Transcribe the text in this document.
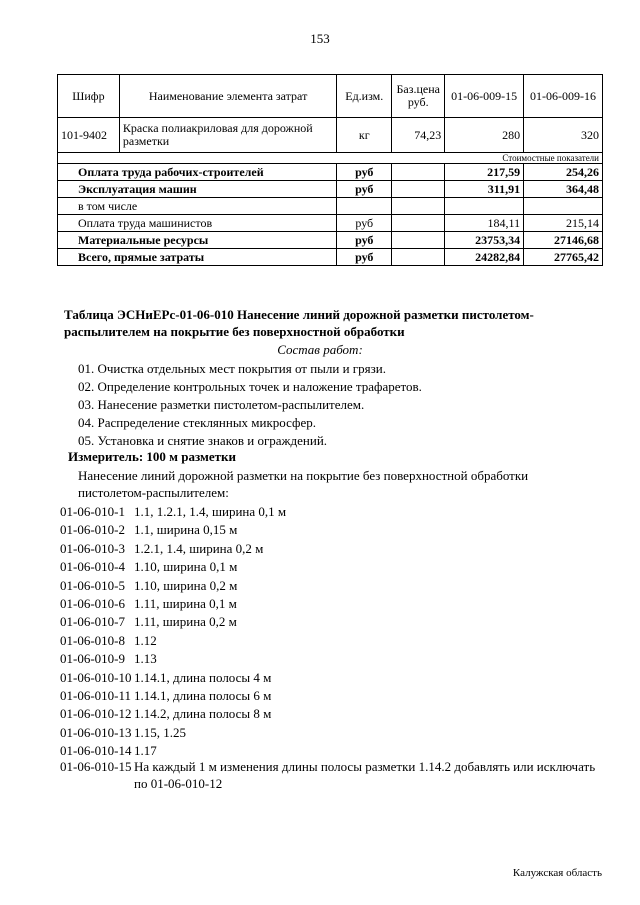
153
Шифр	Наименование элемента затрат	Ед.изм.	Баз.цена руб.	01-06-009-15	01-06-009-16
101-9402	Краска полиакриловая для дорожной разметки	кг	74,23	280	320
Стоимостные показатели					
Оплата труда рабочих-строителей		руб		217,59	254,26
Эксплуатация машин		руб		311,91	364,48
в том числе					
Оплата труда машинистов		руб		184,11	215,14
Материальные ресурсы		руб		23753,34	27146,68
Всего, прямые затраты		руб		24282,84	27765,42
Таблица ЭСНиЕРс-01-06-010 Нанесение линий дорожной разметки пистолетом-распылителем на покрытие без поверхностной обработки
Состав работ:
01. Очистка отдельных мест покрытия от пыли и грязи.
02. Определение контрольных точек и наложение трафаретов.
03. Нанесение разметки пистолетом-распылителем.
04. Распределение стеклянных микросфер.
05. Установка и снятие знаков и ограждений.
Измеритель: 100 м разметки
Нанесение линий дорожной разметки на покрытие без поверхностной обработки пистолетом-распылителем:
01-06-010-1 1.1, 1.2.1, 1.4, ширина 0,1 м
01-06-010-2 1.1, ширина 0,15 м
01-06-010-3 1.2.1, 1.4, ширина 0,2 м
01-06-010-4 1.10, ширина 0,1 м
01-06-010-5 1.10, ширина 0,2 м
01-06-010-6 1.11, ширина 0,1 м
01-06-010-7 1.11, ширина 0,2 м
01-06-010-8 1.12
01-06-010-9 1.13
01-06-010-10 1.14.1, длина полосы 4 м
01-06-010-11 1.14.1, длина полосы 6 м
01-06-010-12 1.14.2, длина полосы 8 м
01-06-010-13 1.15, 1.25
01-06-010-14 1.17
01-06-010-15 На каждый 1 м изменения длины полосы разметки 1.14.2 добавлять или исключать
по 01-06-010-12
Калужская область
